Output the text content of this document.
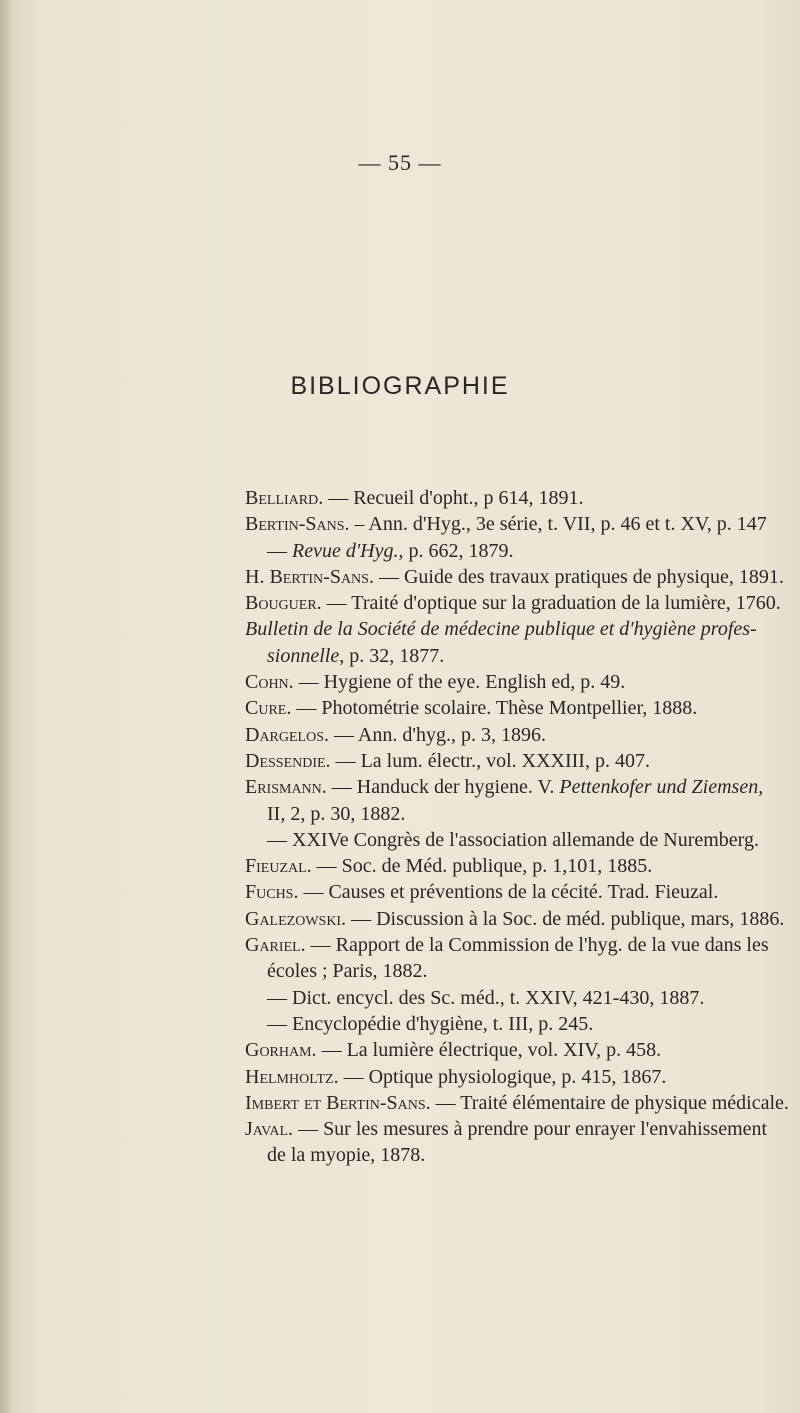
— 55 —
BIBLIOGRAPHIE
Belliard. — Recueil d'opht., p 614, 1891.
Bertin-Sans. – Ann. d'Hyg., 3e série, t. VII, p. 46 et t. XV, p. 147
— Revue d'Hyg., p. 662, 1879.
H. Bertin-Sans. — Guide des travaux pratiques de physique, 1891.
Bouguer. — Traité d'optique sur la graduation de la lumière, 1760.
Bulletin de la Société de médecine publique et d'hygiène profes-
sionnelle, p. 32, 1877.
Cohn. — Hygiene of the eye. English ed, p. 49.
Cure. — Photométrie scolaire. Thèse Montpellier, 1888.
Dargelos. — Ann. d'hyg., p. 3, 1896.
Dessendie. — La lum. électr., vol. XXXIII, p. 407.
Erismann. — Handuck der hygiene. V. Pettenkofer und Ziemsen,
II, 2, p. 30, 1882.
— XXIVe Congrès de l'association allemande de Nuremberg.
Fieuzal. — Soc. de Méd. publique, p. 1,101, 1885.
Fuchs. — Causes et préventions de la cécité. Trad. Fieuzal.
Galezowski. — Discussion à la Soc. de méd. publique, mars, 1886.
Gariel. — Rapport de la Commission de l'hyg. de la vue dans les
écoles ; Paris, 1882.
— Dict. encycl. des Sc. méd., t. XXIV, 421-430, 1887.
— Encyclopédie d'hygiène, t. III, p. 245.
Gorham. — La lumière électrique, vol. XIV, p. 458.
Helmholtz. — Optique physiologique, p. 415, 1867.
Imbert et Bertin-Sans. — Traité élémentaire de physique médicale.
Javal. — Sur les mesures à prendre pour enrayer l'envahissement
de la myopie, 1878.
